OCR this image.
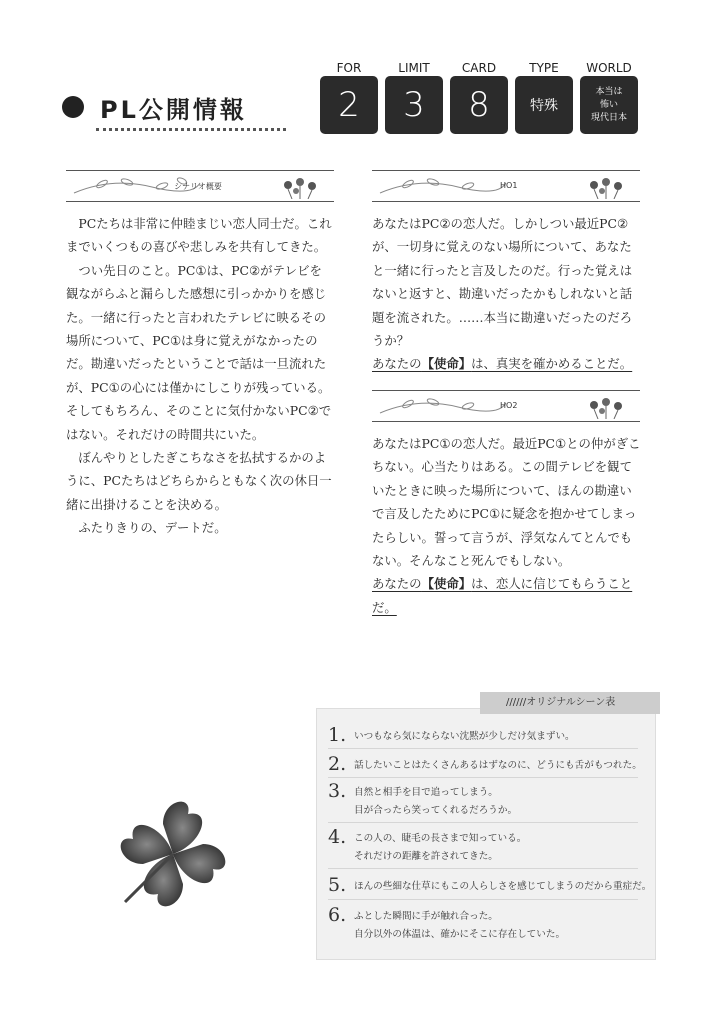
PL公開情報
FOR
2
LIMIT
3
CARD
8
TYPE
特殊
WORLD
本当は
怖い
現代日本
シナリオ概要	HO1
HO2

PCたちは非常に仲睦まじい恋人同士だ。これまでいくつもの喜びや悲しみを共有してきた。

つい先日のこと。PC①は、PC②がテレビを観ながらふと漏らした感想に引っかかりを感じた。一緒に行ったと言われたテレビに映るその場所について、PC①は身に覚えがなかったのだ。勘違いだったということで話は一旦流れたが、PC①の心には僅かにしこりが残っている。そしてもちろん、そのことに気付かないPC②ではない。それだけの時間共にいた。

ぼんやりとしたぎこちなさを払拭するかのように、PCたちはどちらからともなく次の休日一緒に出掛けることを決める。

ふたりきりの、デートだ。

あなたはPC②の恋人だ。しかしつい最近PC②が、一切身に覚えのない場所について、あなたと一緒に行ったと言及したのだ。行った覚えはないと返すと、勘違いだったかもしれないと話題を流された。……本当に勘違いだったのだろうか？

あなたの【使命】は、真実を確かめることだ。

あなたはPC①の恋人だ。最近PC①との仲がぎこちない。心当たりはある。この間テレビを観ていたときに映った場所について、ほんの勘違いで言及したためにPC①に疑念を抱かせてしまったらしい。誓って言うが、浮気なんてとんでもない。そんなこと死んでもしない。

あなたの【使命】は、恋人に信じてもらうことだ。

//////オリジナルシーン表
1. いつもなら気にならない沈黙が少しだけ気まずい。
2. 話したいことはたくさんあるはずなのに、どうにも舌がもつれた。
3. 自然と相手を目で追ってしまう。
目が合ったら笑ってくれるだろうか。
4. この人の、睫毛の長さまで知っている。
それだけの距離を許されてきた。
5. ほんの些細な仕草にもこの人らしさを感じてしまうのだから重症だ。
6. ふとした瞬間に手が触れ合った。
自分以外の体温は、確かにそこに存在していた。
